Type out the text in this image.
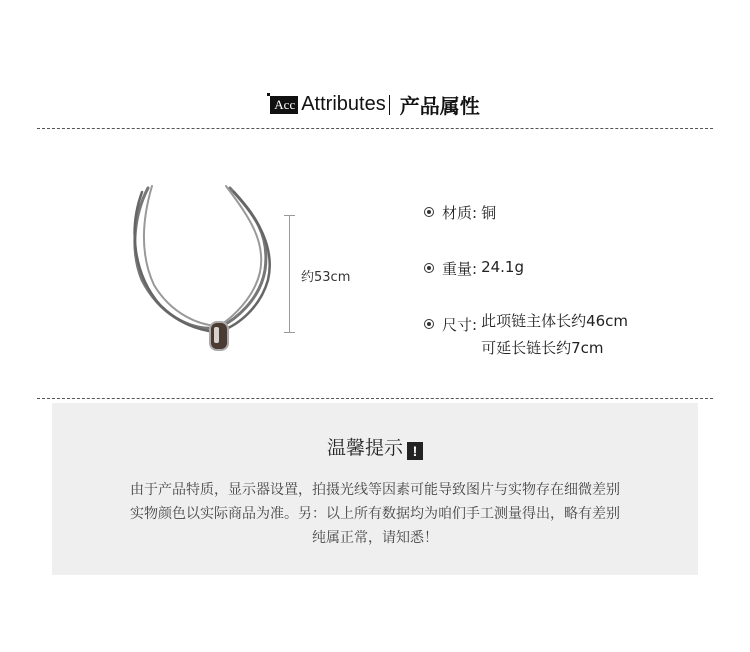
Acc Attributes 产品属性
约53cm
材质: 铜
重量: 24.1g
尺寸: 此项链主体长约46cm
可延长链长约7cm
温馨提示 !
由于产品特质，显示器设置，拍摄光线等因素可能导致图片与实物存在细微差别
实物颜色以实际商品为准。另：以上所有数据均为咱们手工测量得出，略有差别
纯属正常，请知悉！
